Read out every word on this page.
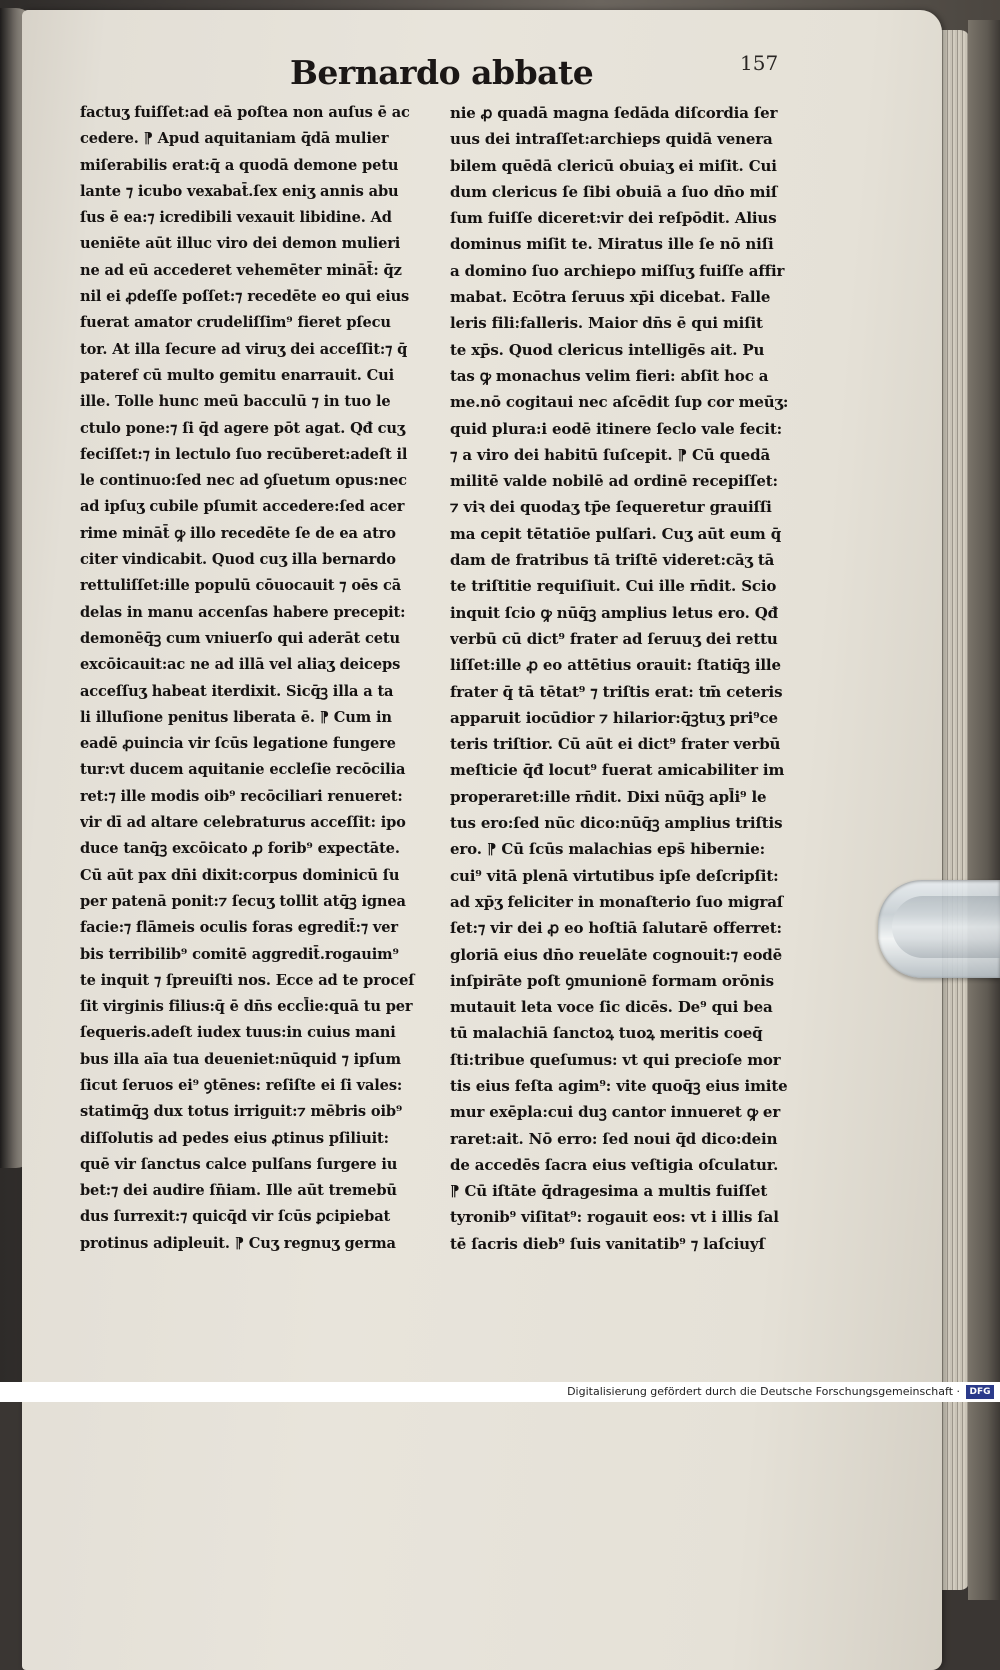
Bernardo abbate	157
factuʒ fuiſſet:ad eā poſtea non auſus ē ac
cedere. ⁋ Apud aquitaniam q̄dā mulier
miſerabilis erat:q̄ a quodā demone petu
lante ⁊ icubo vexabat̄.ſex eniʒ annis abu
ſus ē ea:⁊ icredibili vexauit libidine. Ad
ueniēte aūt illuc viro dei demon mulieri
ne ad eū accederet vehemēter mināt̄: q̄z
nil ei ꝓdeſſe poſſet:⁊ recedēte eo qui eius
fuerat amator crudeliſſim⁹ fieret pſecu
tor. At illa ſecure ad viruʒ dei acceſſit:⁊ q̄
pateref cū multo gemitu enarrauit. Cui
ille. Tolle hunc meū bacculū ⁊ in tuo le
ctulo pone:⁊ ſi q̄d agere pōt agat. Qđ cuʒ
feciſſet:⁊ in lectulo ſuo recūberet:adeſt il
le continuo:ſed nec ad ꝯſuetum opus:nec
ad ipſuʒ cubile pſumit accedere:ſed acer
rime mināt̄ ꝙ illo recedēte ſe de ea atro
citer vindicabit. Quod cuʒ illa bernardo
rettuliſſet:ille populū cōuocauit ⁊ oēs cā
delas in manu accenſas habere precepit:
demonēq̄ꝫ cum vniuerſo qui aderāt cetu
excōicauit:ac ne ad illā vel aliaʒ deiceps
acceſſuʒ habeat iterdixit. Sicq̄ꝫ illa a ta
li illuſione penitus liberata ē. ⁋ Cum in
eadē ꝓuincia vir ſcūs legatione fungere
tur:vt ducem aquitanie eccleſie recōcilia
ret:⁊ ille modis oib⁹ recōciliari renueret:
vir dī ad altare celebraturus acceſſit: ipo
duce tanq̄ꝫ excōicato ꝓ forib⁹ expectāte.
Cū aūt pax dn̄i dixit:corpus dominicū ſu
per patenā ponit:⁊ ſecuʒ tollit atq̄ꝫ ignea
facie:⁊ flāmeis oculis foras egredit̄:⁊ ver
bis terribilib⁹ comitē aggredit̄.rogauim⁹
te inquit ⁊ ſpreuiſti nos. Ecce ad te proceſ
ſit virginis filius:q̄ ē dn̄s eccl̄ie:quā tu per
ſequeris.adeſt iudex tuus:in cuius mani
bus illa aīa tua deueniet:nūquid ⁊ ipſum
ſicut ſeruos ei⁹ ꝯtēnes: reſiſte ei ſi vales:
statimq̄ꝫ dux totus irriguit:⁊ mēbris oib⁹
diſſolutis ad pedes eius ꝓtinus pſiliuit:
quē vir ſanctus calce pulſans ſurgere iu
bet:⁊ dei audire ſn̄iam. Ille aūt tremebū
dus ſurrexit:⁊ quicq̄d vir ſcūs ꝑcipiebat
protinus adipleuit. ⁋ Cuʒ regnuʒ germa
nie ꝓ quadā magna ſedāda diſcordia ſer
uus dei intraſſet:archieps quidā venera
bilem quēdā clericū obuiaʒ ei miſit. Cui
dum clericus ſe ſibi obuiā a ſuo dn̄o miſ
ſum fuiſſe diceret:vir dei reſpōdit. Alius
dominus miſit te. Miratus ille ſe nō niſi
a domino ſuo archiepo miſſuʒ fuiſſe affir
mabat. Ecōtra ſeruus xp̄i dicebat. Falle
leris fili:falleris. Maior dn̄s ē qui miſit
te xp̄s. Quod clericus intelligēs ait. Pu
tas ꝙ monachus velim fieri: abſit hoc a
me.nō cogitaui nec aſcēdit ſup cor meūʒ:
quid plura:i eodē itinere ſeclo vale fecit:
⁊ a viro dei habitū ſuſcepit. ⁋ Cū quedā
militē valde nobilē ad ordinē recepiſſet:
⁊ viꝛ dei quodaʒ tp̄e ſequeretur grauiſſi
ma cepit tētatiōe pulſari. Cuʒ aūt eum q̄
dam de fratribus tā triſtē videret:cāʒ tā
te triſtitie requiſiuit. Cui ille rn̄dit. Scio
inquit ſcio ꝙ nūq̄ꝫ amplius letus ero. Qđ
verbū cū dict⁹ frater ad ſeruuʒ dei rettu
liſſet:ille ꝓ eo attētius orauit: ſtatiq̄ꝫ ille
frater q̄ tā tētat⁹ ⁊ triſtis erat: tm̄ ceteris
apparuit iocūdior ⁊ hilarior:q̄ꝫtuʒ pri⁹ce
teris triſtior. Cū aūt ei dict⁹ frater verbū
meſticie q̄đ locut⁹ fuerat amicabiliter im
properaret:ille rn̄dit. Dixi nūq̄ꝫ apl̄i⁹ le
tus ero:ſed nūc dico:nūq̄ꝫ amplius triſtis
ero. ⁋ Cū ſcūs malachias eps̄ hibernie:
cui⁹ vitā plenā virtutibus ipſe deſcripſit:
ad xp̄ʒ feliciter in monaſterio ſuo migraſ
ſet:⁊ vir dei ꝓ eo hoſtiā ſalutarē offerret:
gloriā eius dn̄o reuelāte cognouit:⁊ eodē
inſpirāte poſt ꝯmunionē formam orōnis
mutauit leta voce ſic dicēs. De⁹ qui bea
tū malachiā ſanctoꝝ tuoꝝ meritis coeq̄
ſti:tribue queſumus: vt qui precioſe mor
tis eius feſta agim⁹: vite quoq̄ꝫ eius imite
mur exēpla:cui duꝫ cantor innueret ꝙ er
raret:ait. Nō erro: ſed noui q̄d dico:dein
de accedēs ſacra eius veſtigia oſculatur.
⁋ Cū iſtāte q̄dragesima a multis fuiſſet
tyronib⁹ viſitat⁹: rogauit eos: vt i illis ſal
tē ſacris dieb⁹ ſuis vanitatib⁹ ⁊ laſciuyſ
Digitalisierung gefördert durch die Deutsche Forschungsgemeinschaft ·	DFG
